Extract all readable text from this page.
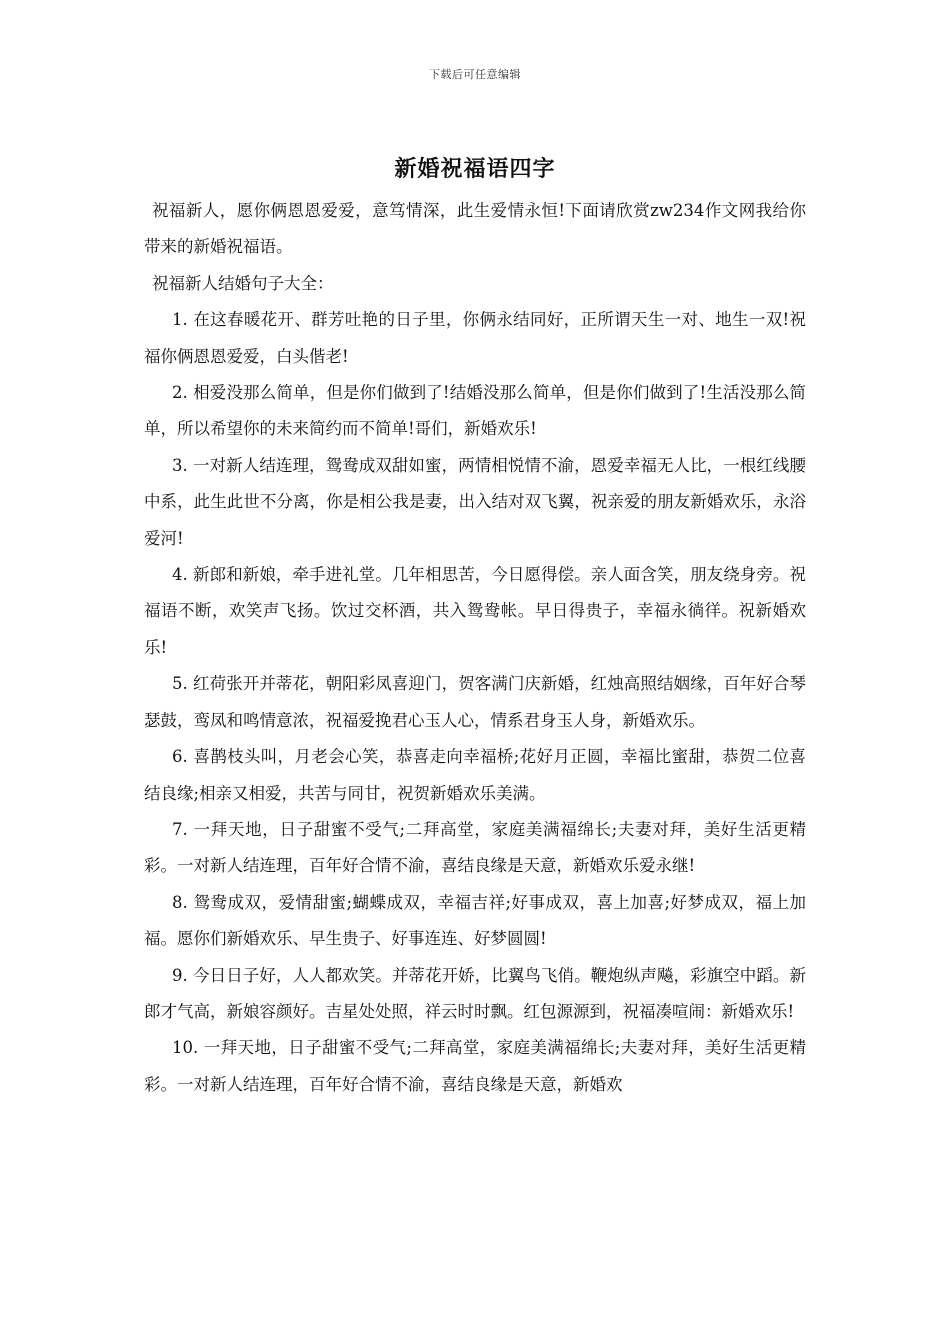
下载后可任意编辑
新婚祝福语四字

祝福新人，愿你俩恩恩爱爱，意笃情深，此生爱情永恒!下面请欣赏zw234作文网我给你带来的新婚祝福语。

祝福新人结婚句子大全：

1. 在这春暖花开、群芳吐艳的日子里，你俩永结同好，正所谓天生一对、地生一双!祝福你俩恩恩爱爱，白头偕老!

2. 相爱没那么简单，但是你们做到了!结婚没那么简单，但是你们做到了!生活没那么简单，所以希望你的未来简约而不简单!哥们，新婚欢乐!

3. 一对新人结连理，鸳鸯成双甜如蜜，两情相悦情不渝，恩爱幸福无人比，一根红线腰中系，此生此世不分离，你是相公我是妻，出入结对双飞翼，祝亲爱的朋友新婚欢乐，永浴爱河!

4. 新郎和新娘，牵手进礼堂。几年相思苦，今日愿得偿。亲人面含笑，朋友绕身旁。祝福语不断，欢笑声飞扬。饮过交杯酒，共入鸳鸯帐。早日得贵子，幸福永徜徉。祝新婚欢乐!

5. 红荷张开并蒂花，朝阳彩凤喜迎门，贺客满门庆新婚，红烛高照结姻缘，百年好合琴瑟鼓，鸾凤和鸣情意浓，祝福爱挽君心玉人心，情系君身玉人身，新婚欢乐。

6. 喜鹊枝头叫，月老会心笑，恭喜走向幸福桥;花好月正圆，幸福比蜜甜，恭贺二位喜结良缘;相亲又相爱，共苦与同甘，祝贺新婚欢乐美满。

7. 一拜天地，日子甜蜜不受气;二拜高堂，家庭美满福绵长;夫妻对拜，美好生活更精彩。一对新人结连理，百年好合情不渝，喜结良缘是天意，新婚欢乐爱永继!

8. 鸳鸯成双，爱情甜蜜;蝴蝶成双，幸福吉祥;好事成双，喜上加喜;好梦成双，福上加福。愿你们新婚欢乐、早生贵子、好事连连、好梦圆圆!

9. 今日日子好，人人都欢笑。并蒂花开娇，比翼鸟飞俏。鞭炮纵声飚，彩旗空中蹈。新郎才气高，新娘容颜好。吉星处处照，祥云时时飘。红包源源到，祝福凑喧闹：新婚欢乐!

10. 一拜天地，日子甜蜜不受气;二拜高堂，家庭美满福绵长;夫妻对拜，美好生活更精彩。一对新人结连理，百年好合情不渝，喜结良缘是天意，新婚欢
